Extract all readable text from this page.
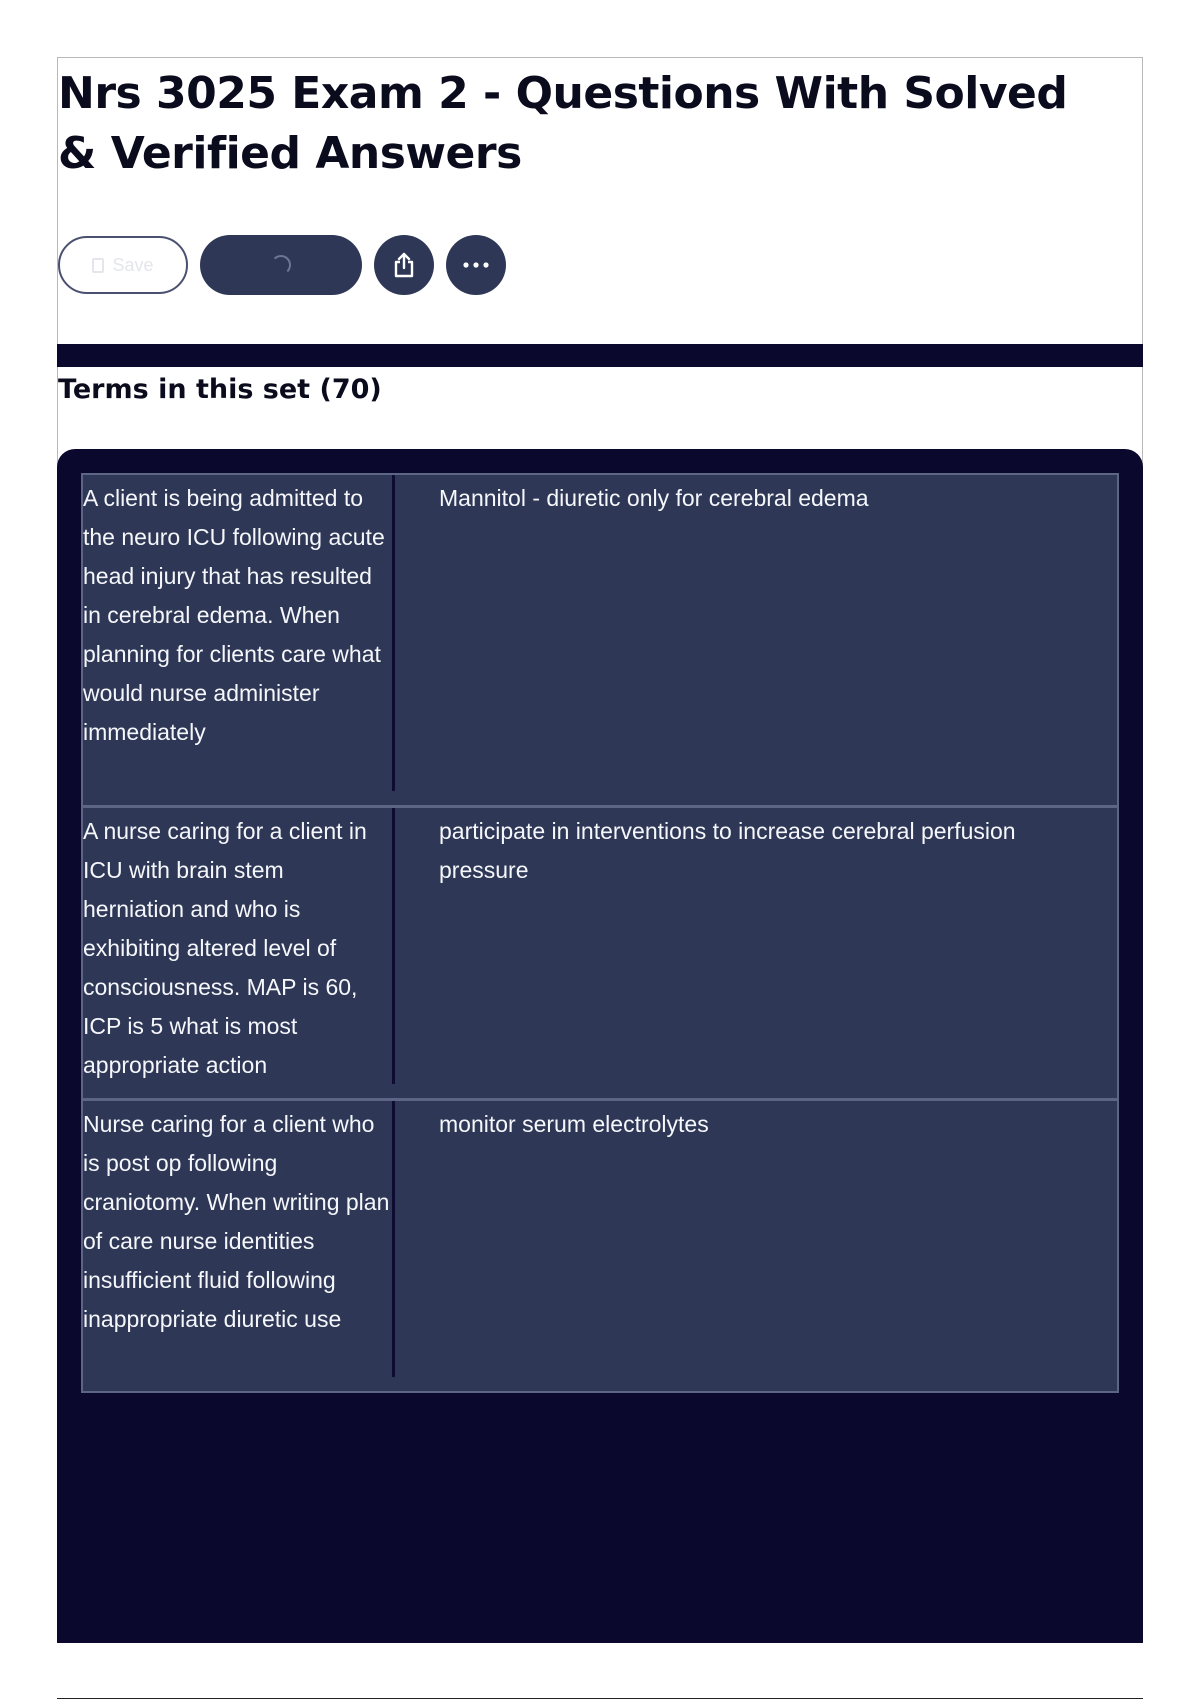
Nrs 3025 Exam 2 - Questions With Solved & Verified Answers
Save
Terms in this set (70)
A client is being admitted to the neuro ICU following acute head injury that has resulted in cerebral edema. When planning for clients care what would nurse administer immediately
Mannitol - diuretic only for cerebral edema
A nurse caring for a client in ICU with brain stem herniation and who is exhibiting altered level of consciousness. MAP is 60, ICP is 5 what is most appropriate action
participate in interventions to increase cerebral perfusion pressure
Nurse caring for a client who is post op following craniotomy. When writing plan of care nurse identities insufficient fluid following inappropriate diuretic use
monitor serum electrolytes
